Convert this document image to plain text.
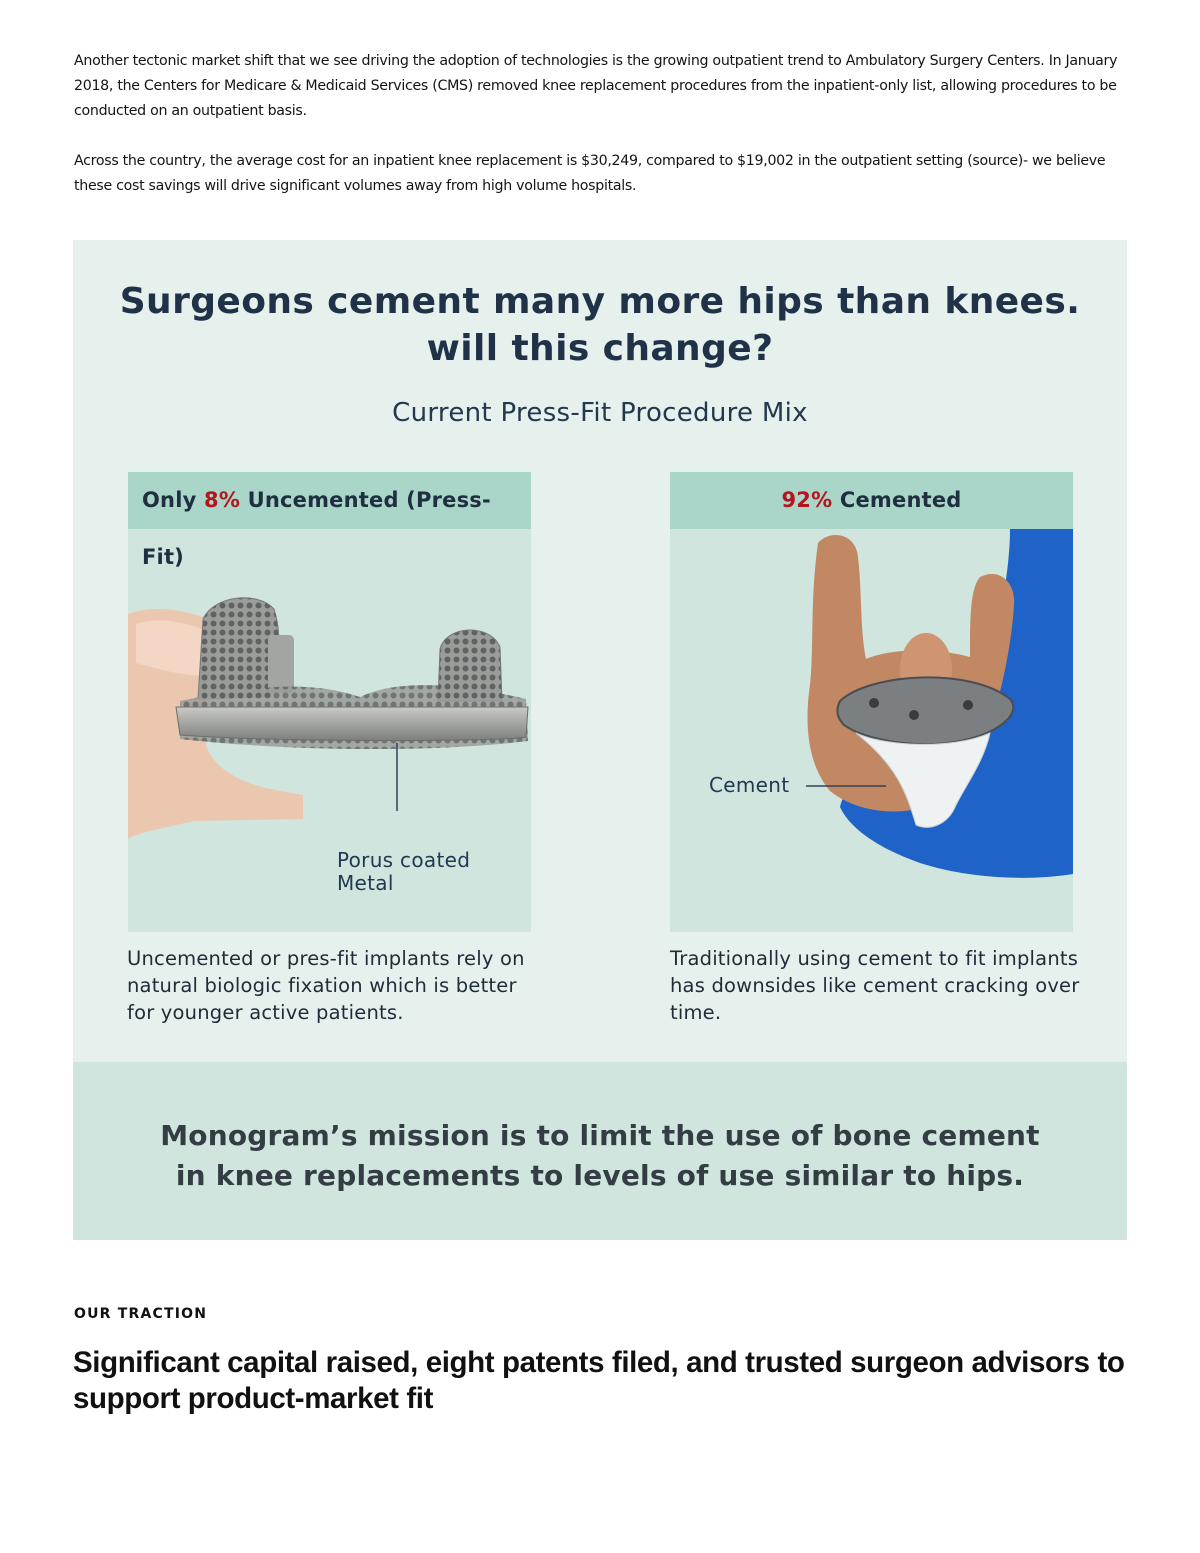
Another tectonic market shift that we see driving the adoption of technologies is the growing outpatient trend to Ambulatory Surgery Centers. In January 2018, the Centers for Medicare & Medicaid Services (CMS) removed knee replacement procedures from the inpatient-only list, allowing procedures to be conducted on an outpatient basis.

Across the country, the average cost for an inpatient knee replacement is $30,249, compared to $19,002 in the outpatient setting (source)- we believe these cost savings will drive significant volumes away from high volume hospitals.

Surgeons cement many more hips than knees.
will this change?
Current Press-Fit Procedure Mix
Only 8% Uncemented (Press-Fit)
Porus coated
Metal
92% Cemented
Cement

Uncemented or pres-fit implants rely on natural biologic fixation which is better for younger active patients.

Traditionally using cement to fit implants has downsides like cement cracking over time.

Monogram’s mission is to limit the use of bone cement
in knee replacements to levels of use similar to hips.
OUR TRACTION
Significant capital raised, eight patents filed, and trusted surgeon advisors to support product-market fit
